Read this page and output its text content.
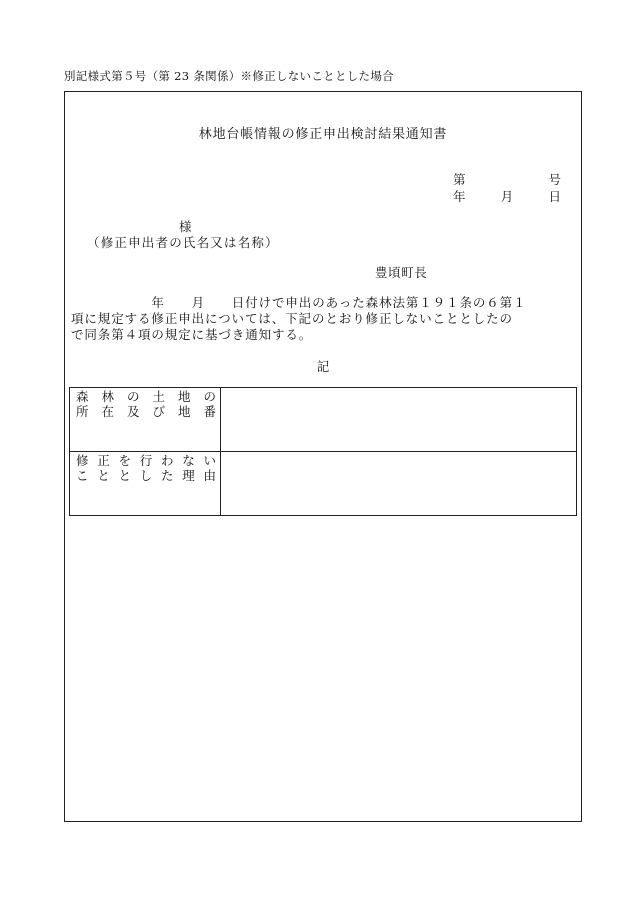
別記様式第５号（第 23 条関係）※修正しないこととした場合
林地台帳情報の修正申出検討結果通知書
第	号
年	月	日
様
（修正申出者の氏名又は名称）
豊頃町長
　　　　　　年　　月　　日付けで申出のあった森林法第１９１条の６第１
項に規定する修正申出については、下記のとおり修正しないこととしたの
で同条第４項の規定に基づき通知する。
記
森林の土地の
所在及び地番	

修正を行わない
こととした理由	
